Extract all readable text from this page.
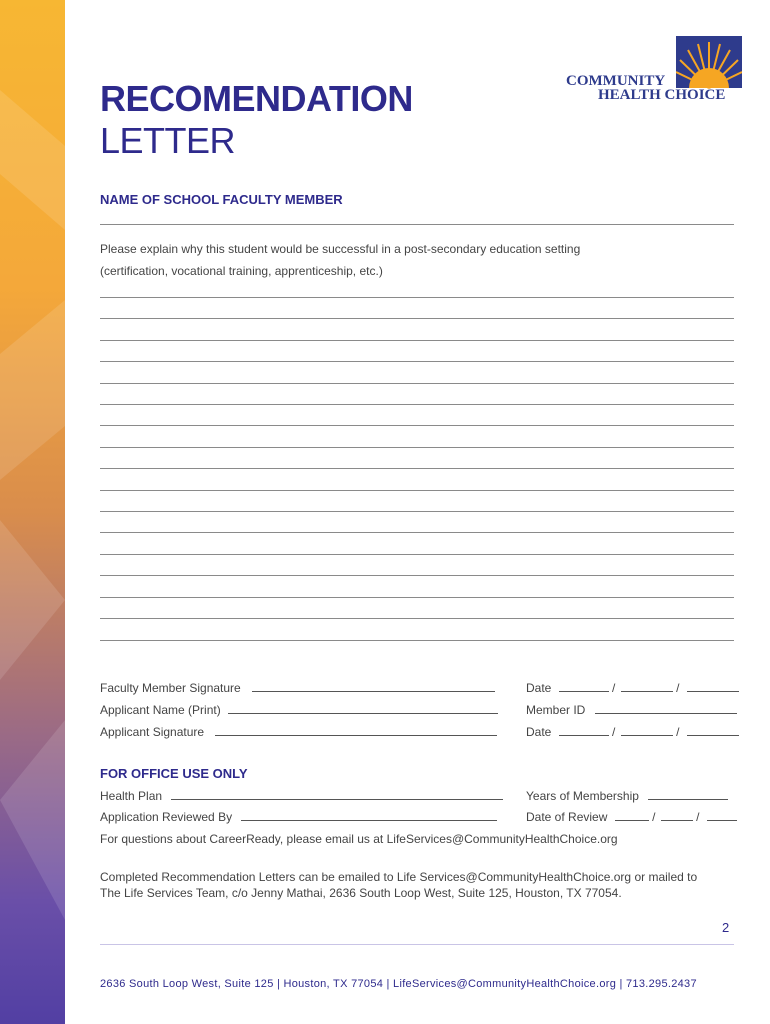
RECOMENDATION
LETTER
COMMUNITY
HEALTH CHOICE
NAME OF SCHOOL FACULTY MEMBER
Please explain why this student would be successful in a post-secondary education setting
(certification, vocational training, apprenticeship, etc.)
Faculty Member Signature	Date	/	/
Applicant Name (Print)	Member ID
Applicant Signature	Date	/	/
FOR OFFICE USE ONLY
Health Plan	Years of Membership
Application Reviewed By	Date of Review	/	/
For questions about CareerReady, please email us at LifeServices@CommunityHealthChoice.org
Completed Recommendation Letters can be emailed to Life Services@CommunityHealthChoice.org or mailed to
The Life Services Team, c/o Jenny Mathai, 2636 South Loop West, Suite 125, Houston, TX 77054.
2
2636 South Loop West, Suite 125 | Houston, TX 77054 | LifeServices@CommunityHealthChoice.org | 713.295.2437
